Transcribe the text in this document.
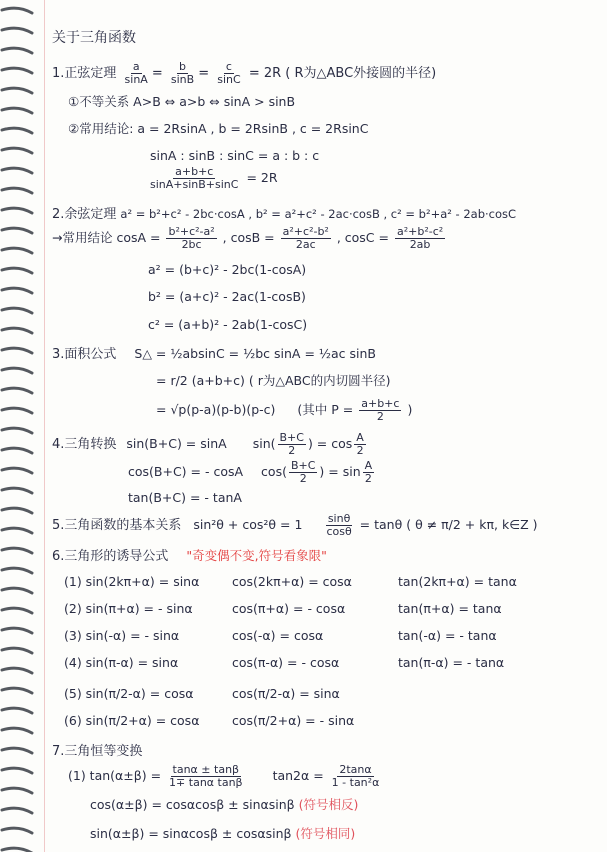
关于三角函数
1.正弦定理 $\frac{a}{\sin A} = \frac{b}{\sin B} = \frac{c}{\sin C} = 2R$ ( R为△ABC外接圆的半径)
①不等关系 A>B ⇔ a>b ⇔ sinA > sinB
②常用结论: a = 2RsinA , b = 2RsinB , c = 2RsinC
sinA : sinB : sinC = a : b : c
$\frac{a+b+c}{\sin A+\sin B+\sin C} = 2R$
2.余弦定理 a² = b²+c² - 2bc·cosA , b² = a²+c² - 2ac·cosB , c² = b²+a² - 2ab·cosC
→常用结论 $\cos A = \frac{\text{b²+c²-a²}}{2bc}$ , $\cos B = \frac{\text{a²+c²-b²}}{2ac}$ , $\cos C = \frac{\text{a²+b²-c²}}{2ab}$
a² = (b+c)² - 2bc(1-cosA)
b² = (a+c)² - 2ac(1-cosB)
c² = (a+b)² - 2ab(1-cosC)
3.面积公式 S△ = ½absinC = ½bc sinA = ½ac sinB
= r/2 (a+b+c) ( r为△ABC的内切圆半径)
= √p(p-a)(p-b)(p-c) (其中 $P = \frac{a+b+c}{2}$ )
4.三角转换 sin(B+C) = sinA $\sin( \frac{B+C}{2}$ ) = $\cos \frac{A}{2}$
cos(B+C) = - cosA $\cos( \frac{B+C}{2}$ ) = $\sin \frac{A}{2}$
tan(B+C) = - tanA
5.三角函数的基本关系 $\sin^2\theta + \cos^2\theta = 1 \frac{\sin\theta}{\cos\theta} = \tan\theta$ ( θ ≠ π/2 + kπ, k∈Z )
6.三角形的诱导公式 "奇变偶不变,符号看象限"
(1) sin(2kπ+α) = sinα	cos(2kπ+α) = cosα	tan(2kπ+α) = tanα
(2) sin(π+α) = - sinα	cos(π+α) = - cosα	tan(π+α) = tanα
(3) sin(-α) = - sinα	cos(-α) = cosα	tan(-α) = - tanα
(4) sin(π-α) = sinα	cos(π-α) = - cosα	tan(π-α) = - tanα
(5) sin(π/2-α) = cosα	cos(π/2-α) = sinα
(6) sin(π/2+α) = cosα	cos(π/2+α) = - sinα
7.三角恒等变换
(1) $\tan(\alpha\pm\beta) = \frac{\tan\alpha \pm \tan\beta}{\text{1∓ tanα tanβ}} \tan 2\alpha = \frac{2\tan\alpha}{\text{1 - tan²α}}$
cos(α±β) = cosαcosβ ± sinαsinβ (符号相反)
sin(α±β) = sinαcosβ ± cosαsinβ (符号相同)
